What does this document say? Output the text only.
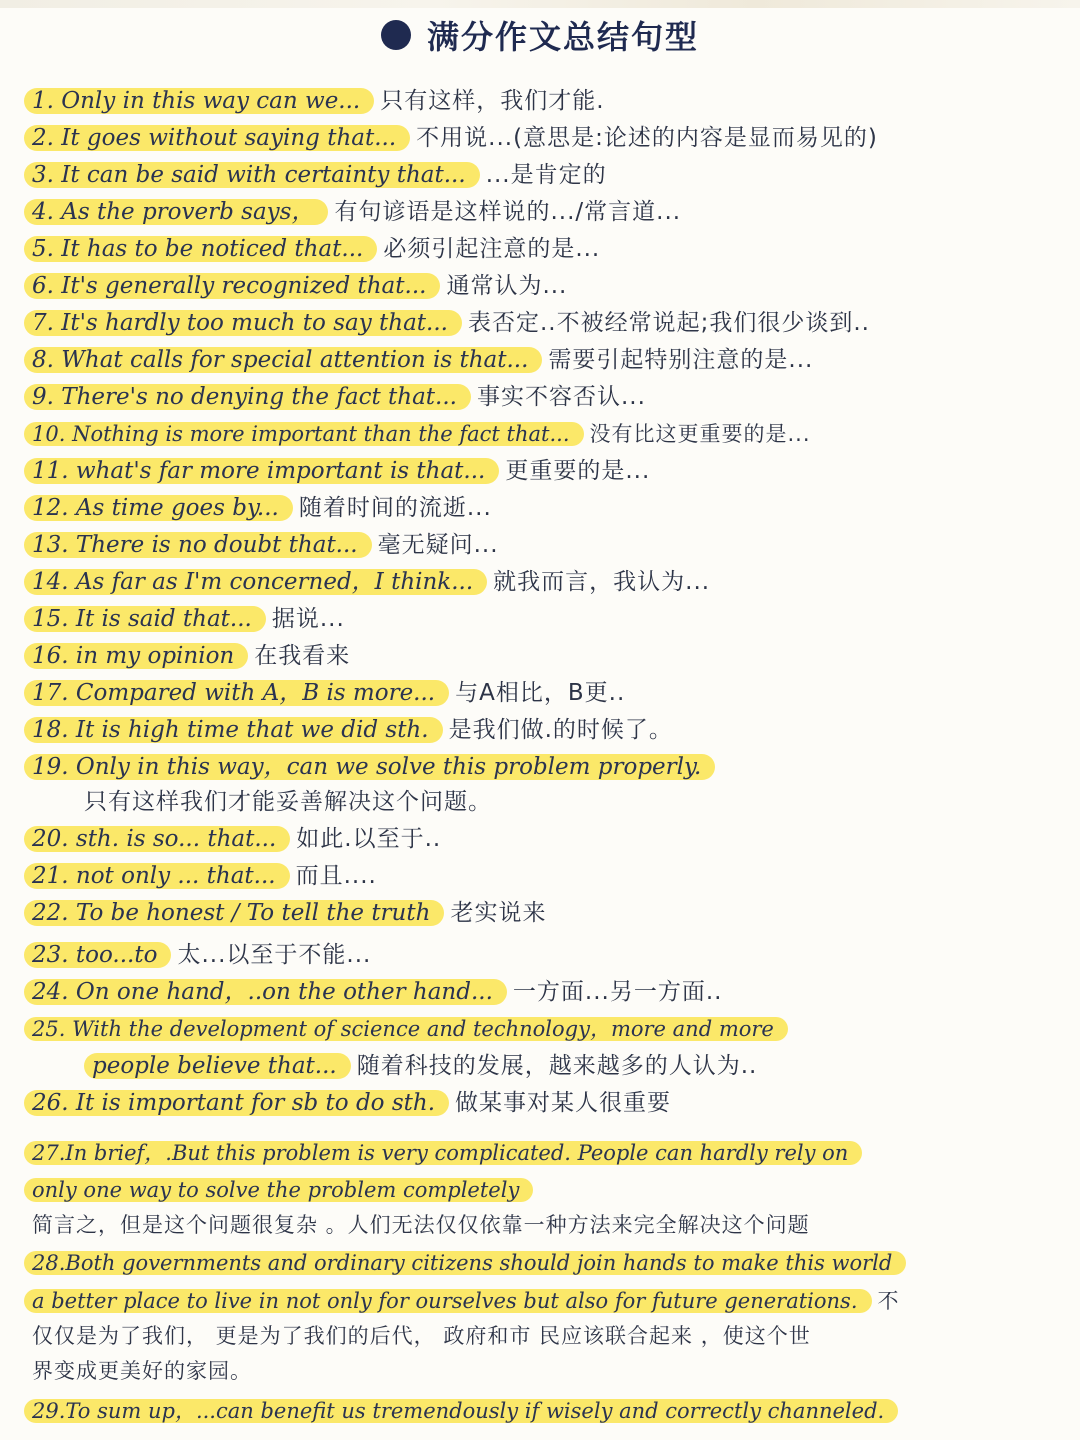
满分作文总结句型
1. Only in this way can we... 只有这样，我们才能.
2. It goes without saying that... 不用说...(意思是:论述的内容是显而易见的)
3. It can be said with certainty that... ...是肯定的
4. As the proverb says， 有句谚语是这样说的.../常言道...
5. It has to be noticed that... 必须引起注意的是...
6. It's generally recognized that... 通常认为...
7. It's hardly too much to say that... 表否定..不被经常说起;我们很少谈到..
8. What calls for special attention is that... 需要引起特别注意的是...
9. There's no denying the fact that... 事实不容否认...
10. Nothing is more important than the fact that... 没有比这更重要的是...
11. what's far more important is that... 更重要的是...
12. As time goes by... 随着时间的流逝...
13. There is no doubt that... 毫无疑问...
14. As far as I'm concerned，I think... 就我而言，我认为...
15. It is said that... 据说...
16. in my opinion 在我看来
17. Compared with A，B is more... 与A相比，B更..
18. It is high time that we did sth. 是我们做.的时候了。
19. Only in this way，can we solve this problem properly.
只有这样我们才能妥善解决这个问题。
20. sth. is so... that... 如此.以至于..
21. not only ... that... 而且....
22. To be honest / To tell the truth 老实说来
23. too...to 太...以至于不能...
24. On one hand，..on the other hand... 一方面...另一方面..
25. With the development of science and technology，more and more
people believe that... 随着科技的发展，越来越多的人认为..
26. It is important for sb to do sth. 做某事对某人很重要
27.In brief，.But this problem is very complicated. People can hardly rely on
only one way to solve the problem completely
简言之，但是这个问题很复杂 。人们无法仅仅依靠一种方法来完全解决这个问题
28.Both governments and ordinary citizens should join hands to make this world
a better place to live in not only for ourselves but also for future generations. 不
仅仅是为了我们， 更是为了我们的后代， 政府和市 民应该联合起来 ，使这个世
界变成更美好的家园。
29.To sum up，...can benefit us tremendously if wisely and correctly channeled.
